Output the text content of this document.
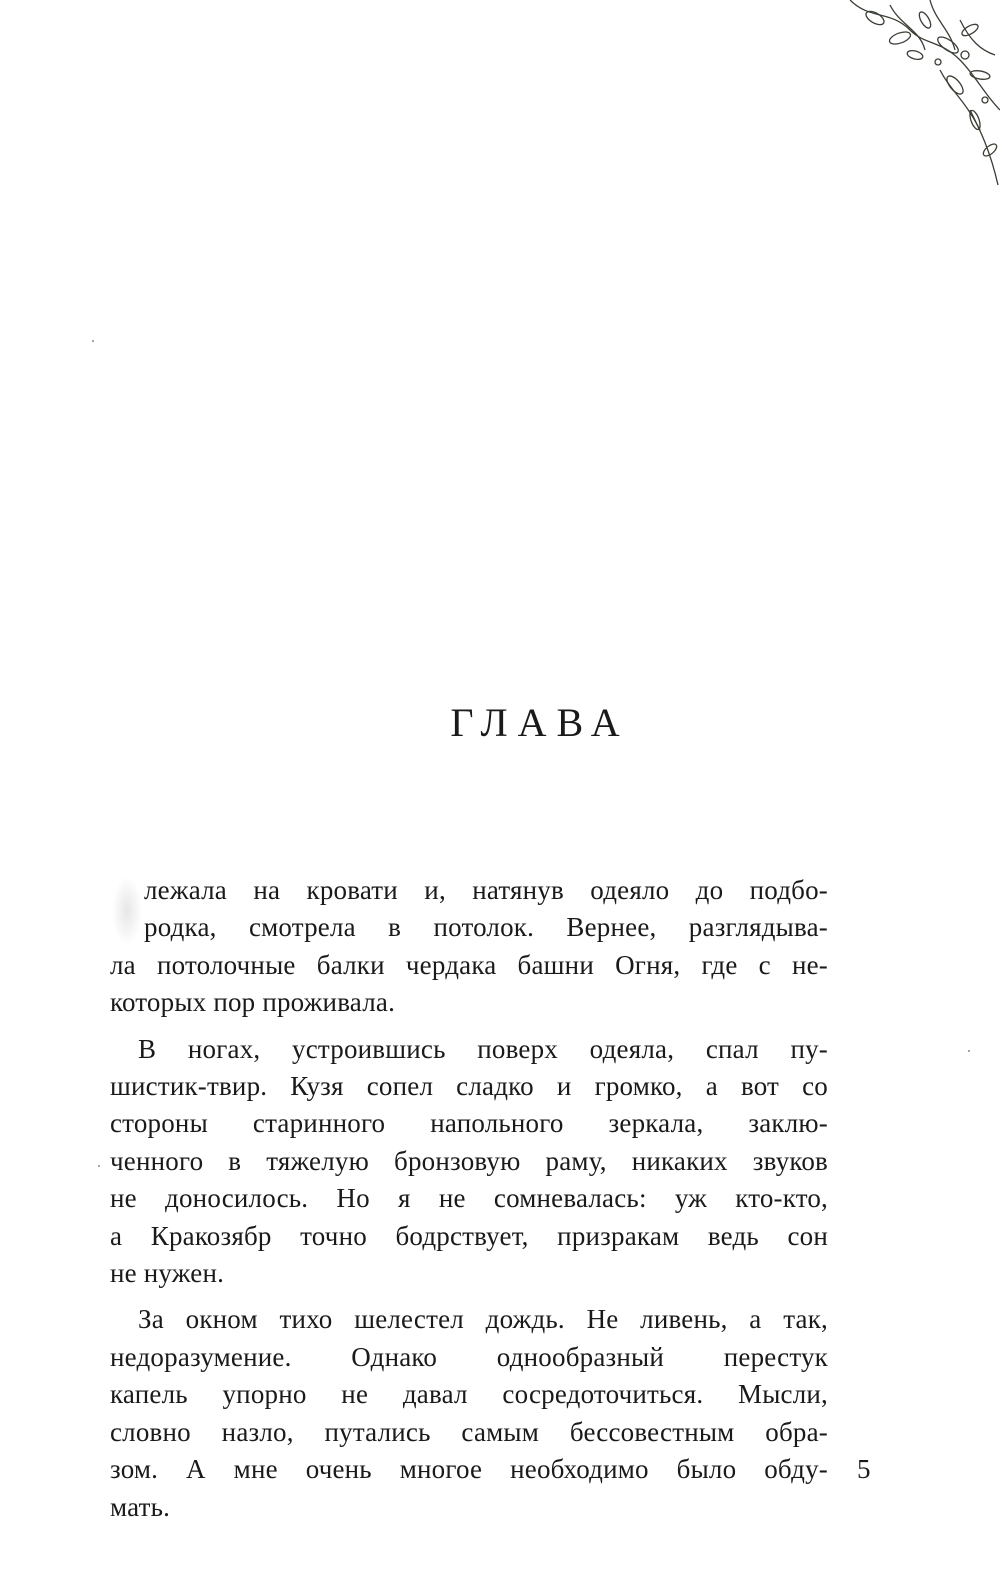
ГЛАВА

лежала на кровати и, натянув одеяло до подбо-
родка, смотрела в потолок. Вернее, разглядыва-
ла потолочные балки чердака башни Огня, где с не-
которых пор проживала.

В ногах, устроившись поверх одеяла, спал пу-
шистик-твир. Кузя сопел сладко и громко, а вот со
стороны старинного напольного зеркала, заклю-
ченного в тяжелую бронзовую раму, никаких звуков
не доносилось. Но я не сомневалась: уж кто-кто,
а Кракозябр точно бодрствует, призракам ведь сон
не нужен.

За окном тихо шелестел дождь. Не ливень, а так,
недоразумение. Однако однообразный перестук
капель упорно не давал сосредоточиться. Мысли,
словно назло, путались самым бессовестным обра-
зом. А мне очень многое необходимо было обду-
мать.

5
